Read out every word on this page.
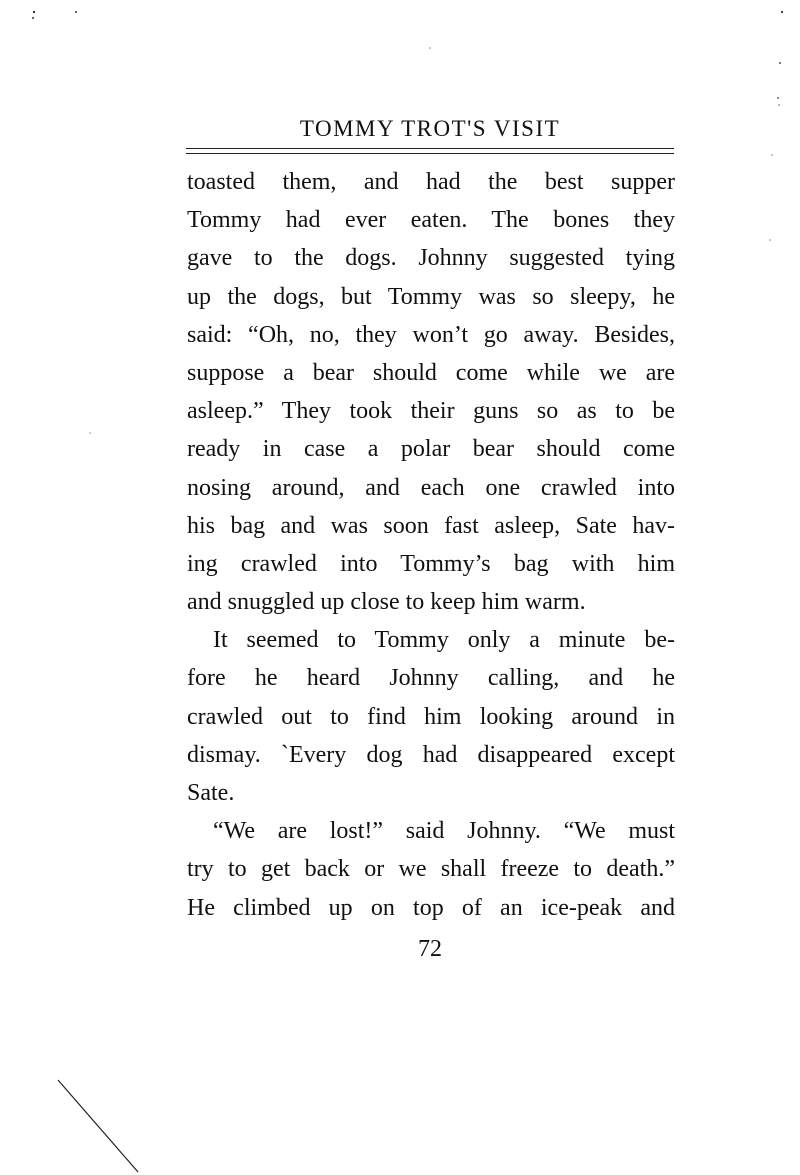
TOMMY TROT'S VISIT
toasted them, and had the best supper
Tommy had ever eaten. The bones they
gave to the dogs. Johnny suggested tying
up the dogs, but Tommy was so sleepy, he
said: “Oh, no, they won’t go away. Besides,
suppose a bear should come while we are
asleep.” They took their guns so as to be
ready in case a polar bear should come
nosing around, and each one crawled into
his bag and was soon fast asleep, Sate hav-
ing crawled into Tommy’s bag with him
and snuggled up close to keep him warm.
It seemed to Tommy only a minute be-
fore he heard Johnny calling, and he
crawled out to find him looking around in
dismay. `Every dog had disappeared except
Sate.
“We are lost!” said Johnny. “We must
try to get back or we shall freeze to death.”
He climbed up on top of an ice-peak and
72
